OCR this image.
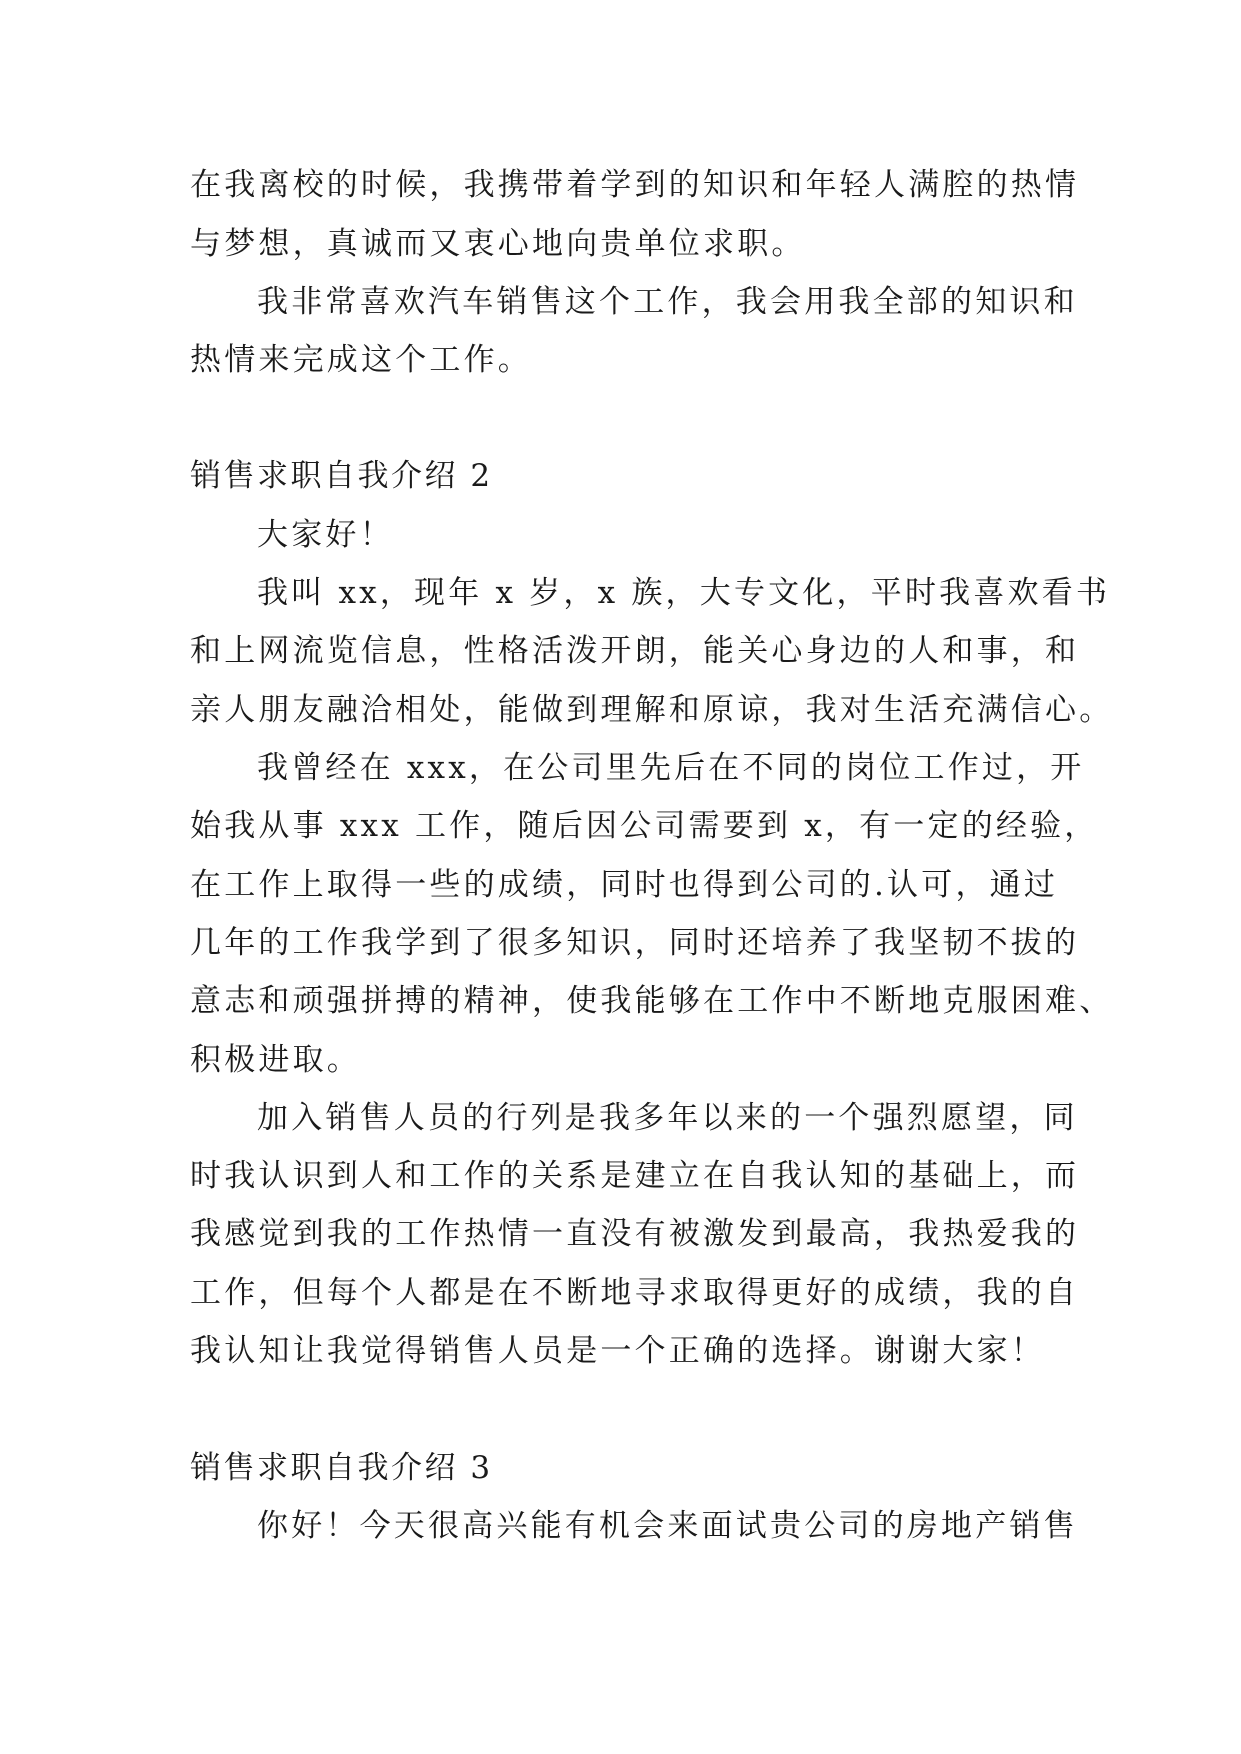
在我离校的时候，我携带着学到的知识和年轻人满腔的热情
与梦想，真诚而又衷心地向贵单位求职。
我非常喜欢汽车销售这个工作，我会用我全部的知识和
热情来完成这个工作。
销售求职自我介绍 2
大家好！
我叫 xx，现年 x 岁，x 族，大专文化，平时我喜欢看书
和上网流览信息，性格活泼开朗，能关心身边的人和事，和
亲人朋友融洽相处，能做到理解和原谅，我对生活充满信心。
我曾经在 xxx，在公司里先后在不同的岗位工作过，开
始我从事 xxx 工作，随后因公司需要到 x，有一定的经验，
在工作上取得一些的成绩，同时也得到公司的.认可，通过
几年的工作我学到了很多知识，同时还培养了我坚韧不拔的
意志和顽强拼搏的精神，使我能够在工作中不断地克服困难、
积极进取。
加入销售人员的行列是我多年以来的一个强烈愿望，同
时我认识到人和工作的关系是建立在自我认知的基础上，而
我感觉到我的工作热情一直没有被激发到最高，我热爱我的
工作，但每个人都是在不断地寻求取得更好的成绩，我的自
我认知让我觉得销售人员是一个正确的选择。谢谢大家！
销售求职自我介绍 3
你好！今天很高兴能有机会来面试贵公司的房地产销售
